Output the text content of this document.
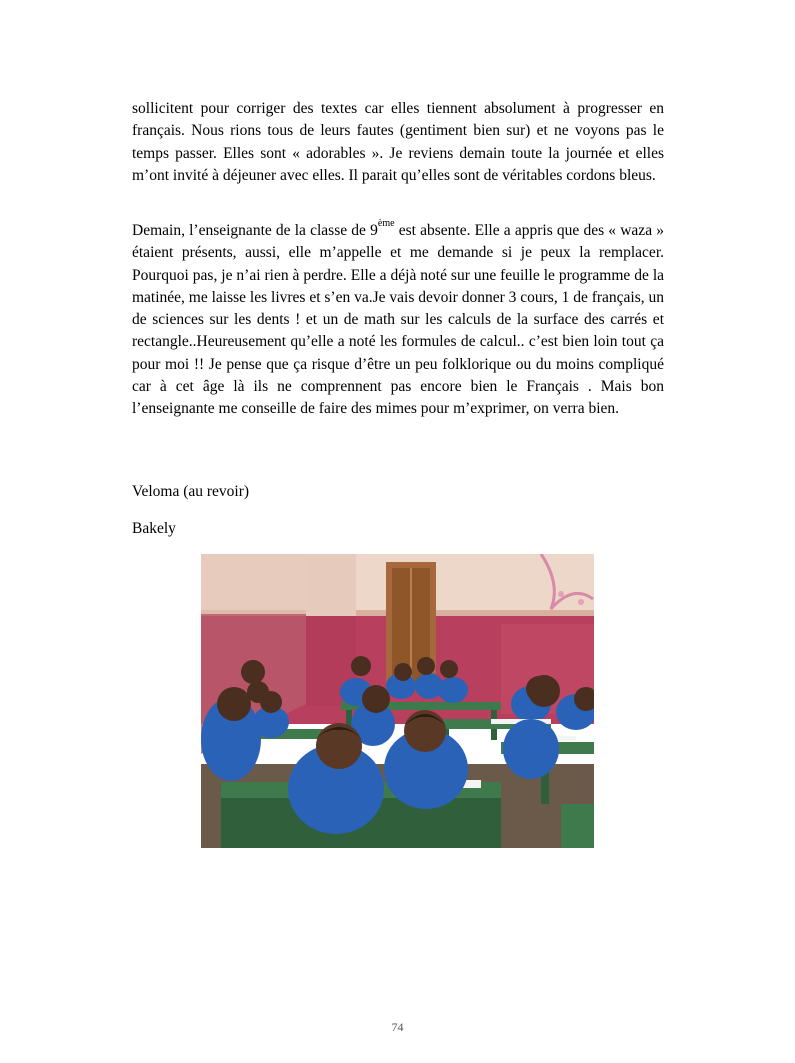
sollicitent pour corriger des textes car elles tiennent absolument à progresser en français. Nous rions tous de leurs fautes (gentiment bien sur) et ne voyons pas le temps passer. Elles sont « adorables ». Je reviens demain toute la journée et elles m’ont invité à déjeuner avec elles. Il parait qu’elles sont de véritables cordons bleus.

Demain, l’enseignante de la classe de 9ème est absente. Elle a appris que des « waza » étaient présents, aussi, elle m’appelle et me demande si je peux la remplacer. Pourquoi pas, je n’ai rien à perdre. Elle a déjà noté sur une feuille le programme de la matinée, me laisse les livres et s’en va.Je vais devoir donner 3 cours, 1 de français, un de sciences sur les dents ! et un de math sur les calculs de la surface des carrés et rectangle..Heureusement qu’elle a noté les formules de calcul.. c’est bien loin tout ça pour moi !! Je pense que ça risque d’être un peu folklorique ou du moins compliqué car à cet âge là ils ne comprennent pas encore bien le Français . Mais bon l’enseignante me conseille de faire des mimes pour m’exprimer, on verra bien.

Veloma (au revoir)
Bakely
74
